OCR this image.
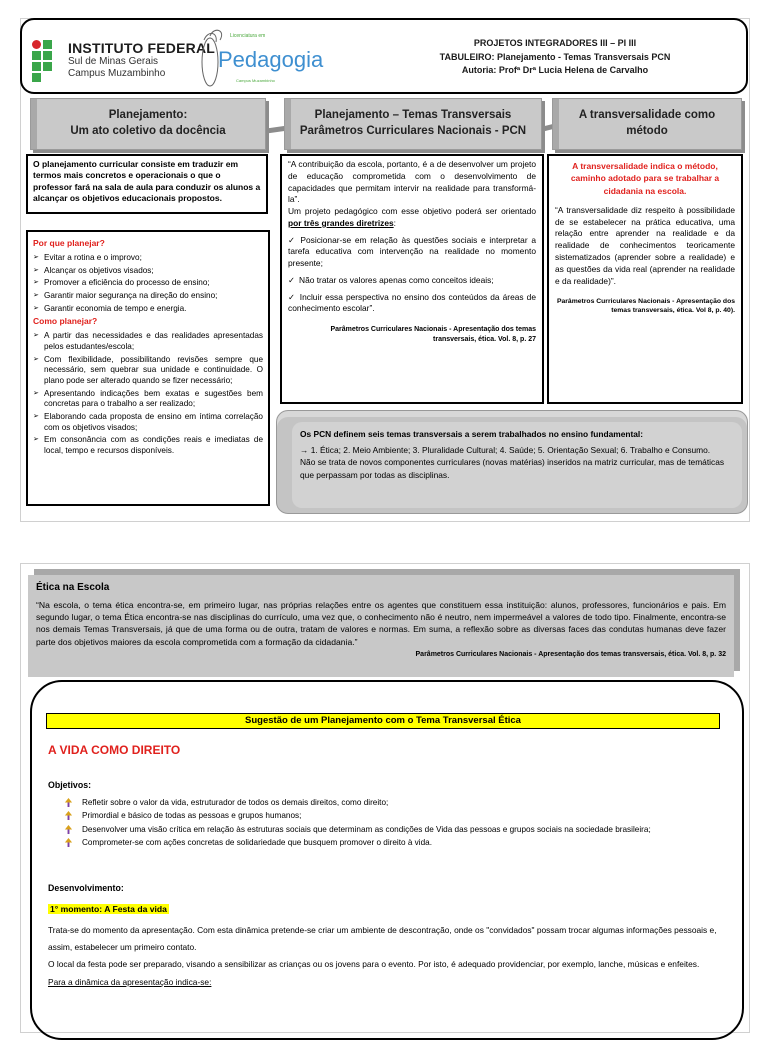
INSTITUTO FEDERAL
Sul de Minas Gerais
Campus Muzambinho
Licenciatura em
Pedagogia
Campus Muzambinho
PROJETOS INTEGRADORES III – PI III
TABULEIRO: Planejamento - Temas Transversais PCN
Autoria: Profª Drª Lucia Helena de Carvalho
Planejamento:
Um ato coletivo da docência
Planejamento – Temas Transversais
Parâmetros Curriculares Nacionais - PCN
A transversalidade como
método
O planejamento curricular consiste em traduzir em termos mais concretos e operacionais o que o professor fará na sala de aula para conduzir os alunos a alcançar os objetivos educacionais propostos.
Por que planejar?
➢ Evitar a rotina e o improvo;
➢ Alcançar os objetivos visados;
➢ Promover a eficiência do processo de ensino;
➢ Garantir maior segurança na direção do ensino;
➢ Garantir economia de tempo e energia.
Como planejar?
➢ A partir das necessidades e das realidades apresentadas pelos estudantes/escola;
➢ Com flexibilidade, possibilitando revisões sempre que necessário, sem quebrar sua unidade e continuidade. O plano pode ser alterado quando se fizer necessário;
➢ Apresentando indicações bem exatas e sugestões bem concretas para o trabalho a ser realizado;
➢ Elaborando cada proposta de ensino em íntima correlação com os objetivos visados;
➢ Em consonância com as condições reais e imediatas de local, tempo e recursos disponíveis.

“A contribuição da escola, portanto, é a de desenvolver um projeto de educação comprometida com o desenvolvimento de capacidades que permitam intervir na realidade para transformá-la”.

Um projeto pedagógico com esse objetivo poderá ser orientado por três grandes diretrizes:

✓ Posicionar-se em relação às questões sociais e interpretar a tarefa educativa com intervenção na realidade no momento presente;

✓ Não tratar os valores apenas como conceitos ideais;

✓ Incluir essa perspectiva no ensino dos conteúdos da áreas de conhecimento escolar”.

Parâmetros Curriculares Nacionais - Apresentação dos temas transversais, ética. Vol. 8, p. 27

A transversalidade indica o método, caminho adotado para se trabalhar a cidadania na escola.
“A transversalidade diz respeito à possibilidade de se estabelecer na prática educativa, uma relação entre aprender na realidade e da realidade de conhecimentos teoricamente sistematizados (aprender sobre a realidade) e as questões da vida real (aprender na realidade e da realidade)”.
Parâmetros Curriculares Nacionais - Apresentação dos temas transversais, ética. Vol 8, p. 40).
Os PCN definem seis temas transversais a serem trabalhados no ensino fundamental:
→ 1. Ética; 2. Meio Ambiente; 3. Pluralidade Cultural; 4. Saúde; 5. Orientação Sexual; 6. Trabalho e Consumo.
Não se trata de novos componentes curriculares (novas matérias) inseridos na matriz curricular, mas de temáticas que perpassam por todas as disciplinas.
Ética na Escola
“Na escola, o tema ética encontra-se, em primeiro lugar, nas próprias relações entre os agentes que constituem essa instituição: alunos, professores, funcionários e pais. Em segundo lugar, o tema Ética encontra-se nas disciplinas do currículo, uma vez que, o conhecimento não é neutro, nem impermeável a valores de todo tipo. Finalmente, encontra-se nos demais Temas Transversais, já que de uma forma ou de outra, tratam de valores e normas. Em suma, a reflexão sobre as diversas faces das condutas humanas deve fazer parte dos objetivos maiores da escola comprometida com a formação da cidadania.”
Parâmetros Curriculares Nacionais - Apresentação dos temas transversais, ética. Vol. 8, p. 32
Sugestão de um Planejamento com o Tema Transversal Ética
A VIDA COMO DIREITO
Objetivos:
Refletir sobre o valor da vida, estruturador de todos os demais direitos, como direito;
Primordial e básico de todas as pessoas e grupos humanos;
Desenvolver uma visão crítica em relação às estruturas sociais que determinam as condições de Vida das pessoas e grupos sociais na sociedade brasileira;
Comprometer-se com ações concretas de solidariedade que busquem promover o direito à vida.
Desenvolvimento:
1° momento: A Festa da vida

Trata-se do momento da apresentação. Com esta dinâmica pretende-se criar um ambiente de descontração, onde os "convidados" possam trocar algumas informações pessoais e, assim, estabelecer um primeiro contato.

O local da festa pode ser preparado, visando a sensibilizar as crianças ou os jovens para o evento. Por isto, é adequado providenciar, por exemplo, lanche, músicas e enfeites.

Para a dinâmica da apresentação indica-se:
